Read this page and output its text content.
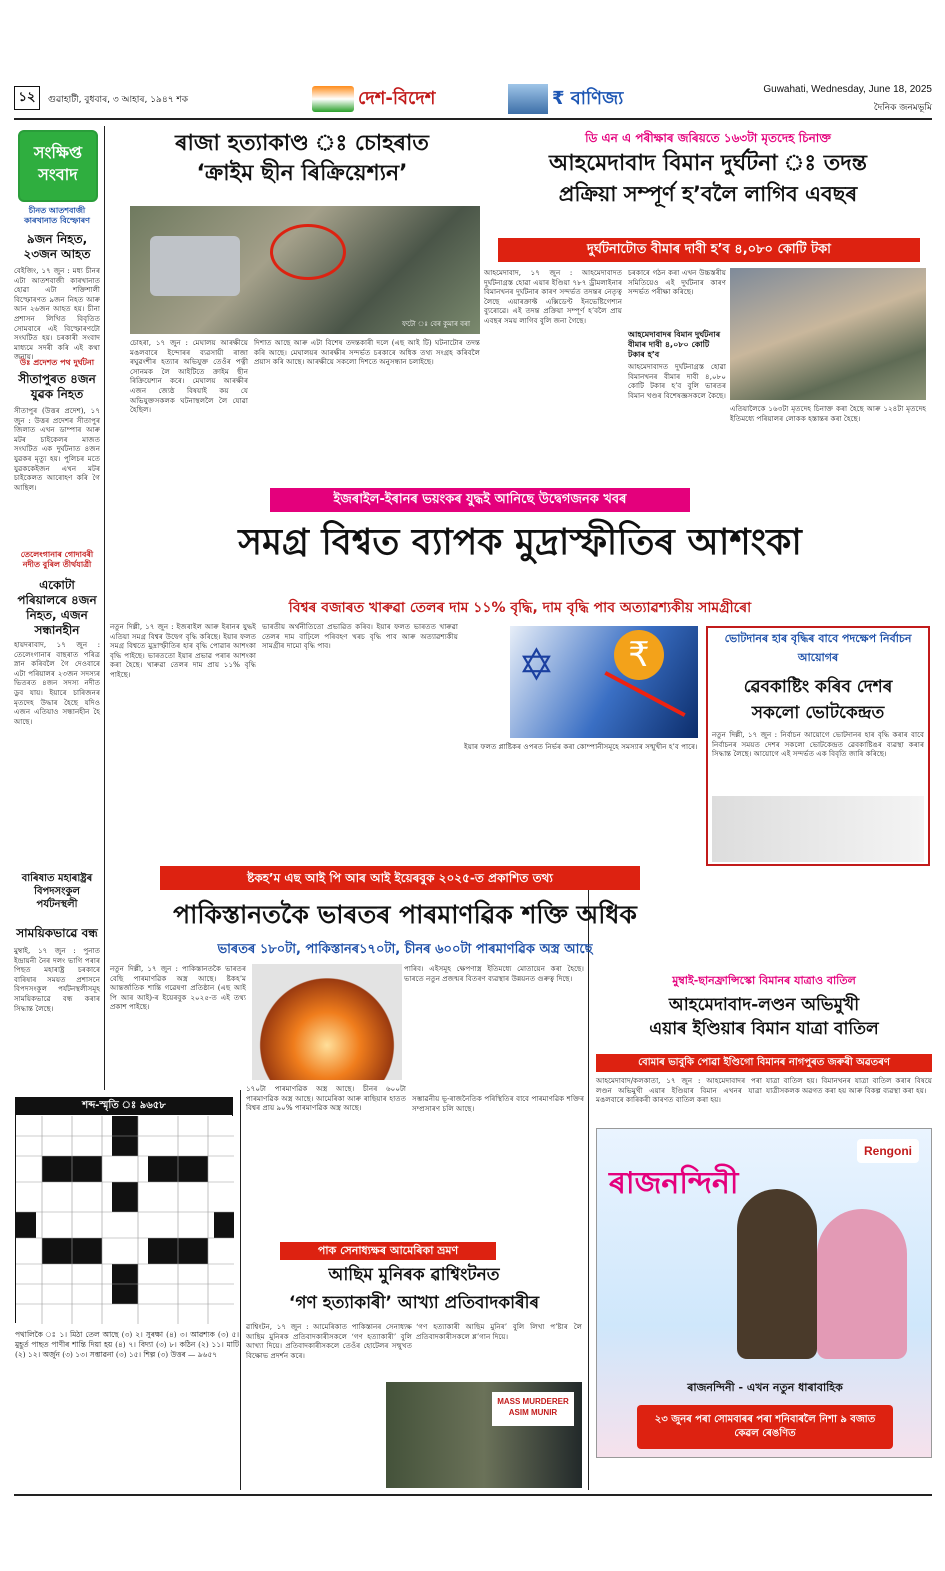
১২	গুৱাহাটী, বুধবাৰ, ৩ আহাৰ, ১৯৪৭ শক	দেশ-বিদেশ	₹ বাণিজ্য	Guwahati, Wednesday, June 18, 2025
দৈনিক জনমভূমি
সংক্ষিপ্ত সংবাদ
চীনত আতশবাজী কাৰখানাত বিস্ফোৰণ
৯জন নিহত, ২৩জন আহত
বেইজিং, ১৭ জুন : মধ্য চীনৰ এটা আতশবাজী কাৰখানাত হোৱা এটা শক্তিশালী বিস্ফোৰণত ৯জন নিহত আৰু আন ২৬জন আহত হয়। চীনা প্ৰশাসন লিখিত বিবৃতিত সোমবাৰে এই বিস্ফোৰণটো সংঘটিত হয়। চৰকাৰী সংবাদ মাধ্যমে সদৰী কৰি এই কথা জনায়।
উঃ প্ৰদেশত পথ দুৰ্ঘটনা
সীতাপুৰত ৪জন যুৱক নিহত
সীতাপুৰ (উত্তৰ প্ৰদেশ), ১৭ জুন : উত্তৰ প্ৰদেশৰ সীতাপুৰ জিলাত এখন ডাম্পাৰ আৰু মটৰ চাইকেলৰ মাজত সংঘটিত এক দুৰ্ঘটনাত ৪জন যুৱকৰ মৃত্যু হয়। পুলিচৰ মতে যুৱককেইজন এখন মটৰ চাইকেলত আৰোহণ কৰি গৈ আছিল।
তেলেংগানাৰ গোদাবৰী নদীত বুৰিল তীৰ্থযাত্ৰী
একোটা পৰিয়ালৰে ৪জন নিহত, এজন সন্ধানহীন
হায়দৰাবাদ, ১৭ জুন : তেলেংগানাৰ বাছৰাত পৰিত্ৰ স্নান কৰিবলৈ গৈ দেওবাৰে এটা পৰিয়ালৰ ২৩জন সদস্যৰ ভিতৰত ৪জন সদস্য নদীত ডুব যায়। ইয়াৰে চাৰিজনৰ মৃতদেহ উদ্ধাৰ হৈছে যদিও এজন এতিয়াও সন্ধানহীন হৈ আছে।
বাৰিষাত মহাৰাষ্ট্ৰৰ বিপদসংকুল পৰ্যটনস্থলী
সাময়িকভাৱে বন্ধ
মুম্বাই, ১৭ জুন : পুনাত ইন্দ্ৰায়নী নৈৰ দলং ভাগি পৰাৰ পিছত মহাৰাষ্ট্ৰ চৰকাৰে বাৰিষাৰ সময়ত প্ৰশাসনে বিপদসংকুল পৰ্যটনস্থলীসমূহ সাময়িকভাৱে বন্ধ কৰাৰ সিদ্ধান্ত লৈছে।
ৰাজা হত্যাকাণ্ড ঃ চোহৰাত
‘ক্ৰাইম ছীন ৰিক্ৰিয়েশ্যন’
ফটো ঃ বেৰ কুমাৰ বৰা
চোহৰা, ১৭ জুন : মেঘালয় আৰক্ষীয়ে মঙলবাৰে ইন্দোৰৰ ব্যৱসায়ী ৰাজা ৰঘুৱংশীৰ হত্যাৰ অভিযুক্ত তেওঁৰ পত্নী সোনমক লৈ আইটিতে ক্ৰাইম ছীন ৰিক্ৰিয়েশ্যন কৰে। মেঘালয় আৰক্ষীৰ এজন জ্যেষ্ঠ বিষয়াই কয় যে অভিযুক্তসকলক ঘটনাস্থললৈ লৈ যোৱা হৈছিল।
দিশাত আছে আৰু এটা বিশেষ তদন্তকাৰী দলে (এছ আই টি) ঘটনাটোৰ তদন্ত কৰি আছে। মেঘালয়ৰ আৰক্ষীৰ সন্দৰ্ভত চৰকাৰে অধিক তথ্য সংগ্ৰহ কৰিবলৈ প্ৰয়াস কৰি আছে। আৰক্ষীয়ে সকলো দিশতে অনুসন্ধান চলাইছে।
ডি এন এ পৰীক্ষাৰ জৰিয়তে ১৬৩টা মৃতদেহ চিনাক্ত
আহমেদাবাদ বিমান দুৰ্ঘটনা ঃ তদন্ত
প্ৰক্ৰিয়া সম্পূৰ্ণ হ’বলৈ লাগিব এবছৰ
দুৰ্ঘটনাটোত বীমাৰ দাবী হ’ব ৪,০৮০ কোটি টকা
আহমেদাবাদ, ১৭ জুন : আহমেদাবাদত দুৰ্ঘটনাগ্ৰস্ত হোৱা এয়াৰ ইণ্ডিয়া ৭৮৭ ড্ৰীমলাইনাৰ বিমানখনৰ দুৰ্ঘটনাৰ কাৰণ সন্দৰ্ভত তদন্তৰ নেতৃত্ব লৈছে এয়াৰক্ৰাফ্ট এক্সিডেণ্ট ইনভেষ্টিগেশ্যন ব্যুৰোৱে। এই তদন্ত প্ৰক্ৰিয়া সম্পূৰ্ণ হ’বলৈ প্ৰায় এবছৰ সময় লাগিব বুলি জনা গৈছে।
চৰকাৰে গঠন কৰা এখন উচ্চস্তৰীয় সমিতিয়েও এই দুৰ্ঘটনাৰ কাৰণ সন্দৰ্ভত পৰীক্ষা কৰিছে।
আহমেদাবাদৰ বিমান দুৰ্ঘটনাৰ বীমাৰ দাবী ৪,০৮০ কোটি টকাৰ হ’ব
আহমেদাবাদত দুৰ্ঘটনাগ্ৰস্ত হোৱা বিমানখনৰ বীমাৰ দাবী ৪,০৮০ কোটি টকাৰ হ’ব বুলি ভাৰতৰ বিমান খণ্ডৰ বিশেষজ্ঞসকলে কৈছে।
এতিয়ালৈকে ১৬৩টা মৃতদেহ চিনাক্ত কৰা হৈছে আৰু ১২৪টা মৃতদেহ ইতিমধ্যে পৰিয়ালৰ লোকক হস্তান্তৰ কৰা হৈছে।
ইজৰাইল-ইৰানৰ ভয়ংকৰ যুদ্ধই আনিছে উদ্বেগজনক খবৰ
সমগ্ৰ বিশ্বত ব্যাপক মুদ্ৰাস্ফীতিৰ আশংকা
বিশ্বৰ বজাৰত খাৰুৱা তেলৰ দাম ১১% বৃদ্ধি, দাম বৃদ্ধি পাব অত্যাৱশ্যকীয় সামগ্ৰীৰো
নতুন দিল্লী, ১৭ জুন : ইজৰাইল আৰু ইৰানৰ যুদ্ধই এতিয়া সমগ্ৰ বিশ্বৰ উদ্বেগ বৃদ্ধি কৰিছে। ইয়াৰ ফলত সমগ্ৰ বিশ্বতে মুদ্ৰাস্ফীতিৰ হাৰ বৃদ্ধি পোৱাৰ আশংকা বৃদ্ধি পাইছে। ভাৰততো ইয়াৰ প্ৰভাৱ পৰাৰ আশংকা কৰা হৈছে। খাৰুৱা তেলৰ দাম প্ৰায় ১১% বৃদ্ধি পাইছে।
ভাৰতীয় অৰ্থনীতিতো প্ৰভাৱিত কৰিব। ইয়াৰ ফলত ভাৰতত খাৰুৱা তেলৰ দাম বাঢ়িলে পৰিবহণ খৰচ বৃদ্ধি পাব আৰু অত্যাৱশ্যকীয় সামগ্ৰীৰ দামো বৃদ্ধি পাব।	✡	₹
ইয়াৰ ফলত প্লাষ্টিকৰ ওপৰত নিৰ্ভৰ কৰা কোম্পানীসমূহে সমস্যাৰ সন্মুখীন হ’ব পাৰে।
ভোটদানৰ হাৰ বৃদ্ধিৰ বাবে পদক্ষেপ নিৰ্বাচন আয়োগৰ
ৱেবকাষ্টিং কৰিব দেশৰ
সকলো ভোটকেন্দ্ৰত
নতুন দিল্লী, ১৭ জুন : নিৰ্বাচন আয়োগে ভোটদানৰ হাৰ বৃদ্ধি কৰাৰ বাবে নিৰ্বাচনৰ সময়ত দেশৰ সকলো ভোটকেন্দ্ৰত ৱেবকাষ্টিঙৰ ব্যৱস্থা কৰাৰ সিদ্ধান্ত লৈছে। আয়োগে এই সন্দৰ্ভত এক বিবৃতি জাৰি কৰিছে।
ষ্টকহ’ম এছ আই পি আৰ আই ইয়েৰবুক ২০২৫-ত প্ৰকাশিত তথ্য
পাকিস্তানতকৈ ভাৰতৰ পাৰমাণৱিক শক্তি অধিক
ভাৰতৰ ১৮০টা, পাকিস্তানৰ১৭০টা, চীনৰ ৬০০টা পাৰমাণৱিক অস্ত্ৰ আছে
নতুন দিল্লী, ১৭ জুন : পাকিস্তানতকৈ ভাৰতৰ বেছি পাৰমাণৱিক অস্ত্ৰ আছে। ষ্টকহ’ম আন্তৰ্জাতিক শান্তি গৱেষণা প্ৰতিষ্ঠান (এছ আই পি আৰ আই)-ৰ ইয়েৰবুক ২০২৫-ত এই তথ্য প্ৰকাশ পাইছে।
পাৰিব। এইসমূহ ক্ষেপণাস্ত্ৰ ইতিমধ্যে মোতায়েন কৰা হৈছে। ভাৰতে নতুন প্ৰজন্মৰ বিতৰণ ব্যৱস্থাৰ উন্নয়নত গুৰুত্ব দিছে।
১৭০টা পাৰমাণৱিক অস্ত্ৰ আছে। চীনৰ ৬০০টা পাৰমাণৱিক অস্ত্ৰ আছে। আমেৰিকা আৰু ৰাছিয়াৰ হাতত বিশ্বৰ প্ৰায় ৯০% পাৰমাণৱিক অস্ত্ৰ আছে।
সম্ভাৱনীয় ভূ-ৰাজনৈতিক পৰিস্থিতিৰ বাবে পাৰমাণৱিক শক্তিৰ সম্প্ৰসাৰণ চলি আছে।
মুম্বাই-ছানফ্ৰান্সিস্কো বিমানৰ যাত্ৰাও বাতিল
আহমেদাবাদ-লণ্ডন অভিমুখী
এয়াৰ ইণ্ডিয়াৰ বিমান যাত্ৰা বাতিল
বোমাৰ ভাবুকি পোৱা ইণ্ডিগো বিমানৰ নাগপুৰত জৰুৰী অৱতৰণ
আহমেদাবাদ/কলকাতা, ১৭ জুন : আহমেদাবাদৰ পৰা লণ্ডন অভিমুখী এয়াৰ ইণ্ডিয়াৰ বিমান এখনৰ যাত্ৰা মঙলবাৰে কাৰিকৰী কাৰণত বাতিল কৰা হয়।
যাত্ৰা বাতিল হয়। বিমানখনৰ যাত্ৰা বাতিল কৰাৰ বিষয়ে যাত্ৰীসকলক অৱগত কৰা হয় আৰু বিকল্প ব্যৱস্থা কৰা হয়।
শব্দ-স্মৃতি ঃ ৯৬৫৮
পথালিকৈ ঃ ১। মিঠা তেল আছে (৩) ২। সুৰক্ষা (৪) ৩। আৱশ্যক (৩) ৫। মুহূৰ্ত পাছত পাণীৰ শান্তি দিয়া হয় (৪) ৭। বিদ্যা (৩) ৮। কঠিন (২) ১১। মাটি (২) ১২। অৰ্জুন (৩) ১৩। সম্ভাৱনা (৩) ১৫। শিল্প (৩) উত্তৰ — ৯৬৫৭
পাক সেনাধ্যক্ষৰ আমেৰিকা ভ্ৰমণ
আছিম মুনিৰক ৱাশ্বিংটনত
‘গণ হত্যাকাৰী’ আখ্যা প্ৰতিবাদকাৰীৰ
ৱাশ্বিংটন, ১৭ জুন : আমেৰিকাত পাকিস্তানৰ সেনাধ্যক্ষ আছিম মুনিৰক প্ৰতিবাদকাৰীসকলে ‘গণ হত্যাকাৰী’ বুলি আখ্যা দিয়ে। প্ৰতিবাদকাৰীসকলে তেওঁৰ হোটেলৰ সন্মুখত বিক্ষোভ প্ৰদৰ্শন কৰে।
‘গণ হত্যাকাৰী আছিম মুনিৰ’ বুলি লিখা প’ষ্টাৰ লৈ প্ৰতিবাদকাৰীসকলে শ্ল’গান দিয়ে।
MASS MURDERER ASIM MUNIR
Rengoni
ৰাজনন্দিনী
ৰাজনন্দিনী - এখন নতুন ধাৰাবাহিক
২৩ জুনৰ পৰা সোমবাৰৰ পৰা শনিবাৰলৈ নিশা ৯ বজাত কেৱল ৰেঙণিত
